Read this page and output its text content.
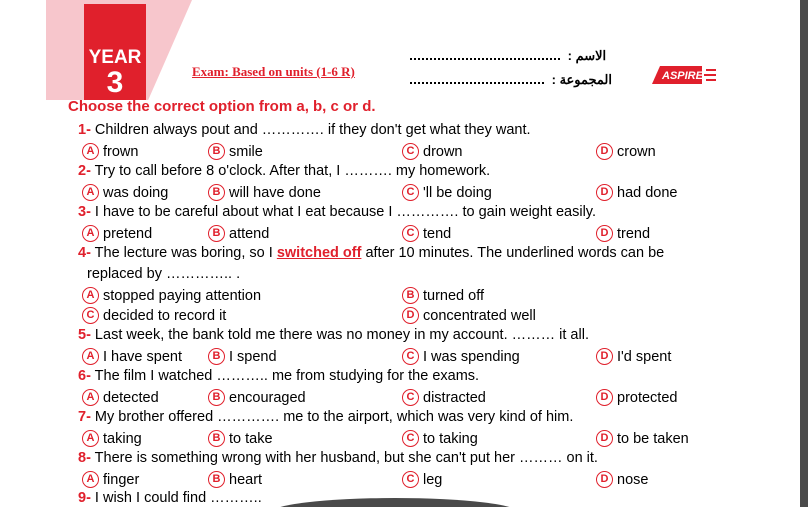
YEAR
3	Exam: Based on units (1-6 R)
الاسم :
المجموعة :	ASPIRE
Choose the correct option from a, b, c or d.
1- Children always pout and …………. if they don't get what they want.
A frown	B smile	C drown	D crown
2- Try to call before 8 o'clock. After that, I ………. my homework.
A was doing	B will have done	C 'll be doing	D had done
3- I have to be careful about what I eat because I …………. to gain weight easily.
A pretend	B attend	C tend	D trend
4- The lecture was boring, so I switched off after 10 minutes. The underlined words can be
replaced by ………….. .
A stopped paying attention	B turned off
C decided to record it	D concentrated well
5- Last week, the bank told me there was no money in my account. ……… it all.
A I have spent	B I spend	C I was spending	D I'd spent
6- The film I watched ……….. me from studying for the exams.
A detected	B encouraged	C distracted	D protected
7- My brother offered …………. me to the airport, which was very kind of him.
A taking	B to take	C to taking	D to be taken
8- There is something wrong with her husband, but she can't put her ……… on it.
A finger	B heart	C leg	D nose
9- I wish I could find ………..
